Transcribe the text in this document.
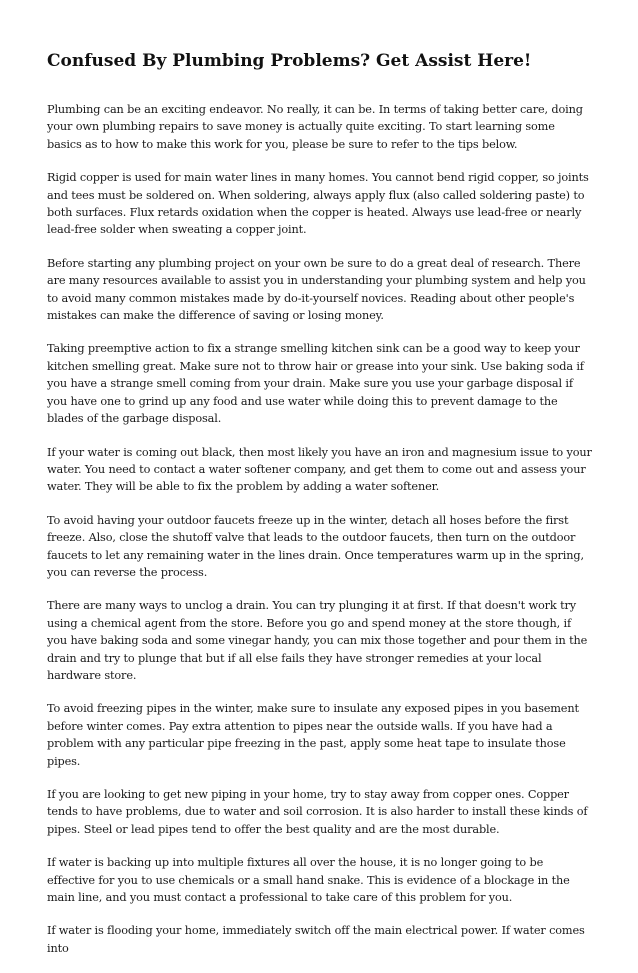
Confused By Plumbing Problems? Get Assist Here!

Plumbing can be an exciting endeavor. No really, it can be. In terms of taking better care, doing your own plumbing repairs to save money is actually quite exciting. To start learning some basics as to how to make this work for you, please be sure to refer to the tips below.

Rigid copper is used for main water lines in many homes. You cannot bend rigid copper, so joints and tees must be soldered on. When soldering, always apply flux (also called soldering paste) to both surfaces. Flux retards oxidation when the copper is heated. Always use lead-free or nearly lead-free solder when sweating a copper joint.

Before starting any plumbing project on your own be sure to do a great deal of research. There are many resources available to assist you in understanding your plumbing system and help you to avoid many common mistakes made by do-it-yourself novices. Reading about other people's mistakes can make the difference of saving or losing money.

Taking preemptive action to fix a strange smelling kitchen sink can be a good way to keep your kitchen smelling great. Make sure not to throw hair or grease into your sink. Use baking soda if you have a strange smell coming from your drain. Make sure you use your garbage disposal if you have one to grind up any food and use water while doing this to prevent damage to the blades of the garbage disposal.

If your water is coming out black, then most likely you have an iron and magnesium issue to your water. You need to contact a water softener company, and get them to come out and assess your water. They will be able to fix the problem by adding a water softener.

To avoid having your outdoor faucets freeze up in the winter, detach all hoses before the first freeze. Also, close the shutoff valve that leads to the outdoor faucets, then turn on the outdoor faucets to let any remaining water in the lines drain. Once temperatures warm up in the spring, you can reverse the process.

There are many ways to unclog a drain. You can try plunging it at first. If that doesn't work try using a chemical agent from the store. Before you go and spend money at the store though, if you have baking soda and some vinegar handy, you can mix those together and pour them in the drain and try to plunge that but if all else fails they have stronger remedies at your local hardware store.

To avoid freezing pipes in the winter, make sure to insulate any exposed pipes in you basement before winter comes. Pay extra attention to pipes near the outside walls. If you have had a problem with any particular pipe freezing in the past, apply some heat tape to insulate those pipes.

If you are looking to get new piping in your home, try to stay away from copper ones. Copper tends to have problems, due to water and soil corrosion. It is also harder to install these kinds of pipes. Steel or lead pipes tend to offer the best quality and are the most durable.

If water is backing up into multiple fixtures all over the house, it is no longer going to be effective for you to use chemicals or a small hand snake. This is evidence of a blockage in the main line, and you must contact a professional to take care of this problem for you.

If water is flooding your home, immediately switch off the main electrical power. If water comes into
